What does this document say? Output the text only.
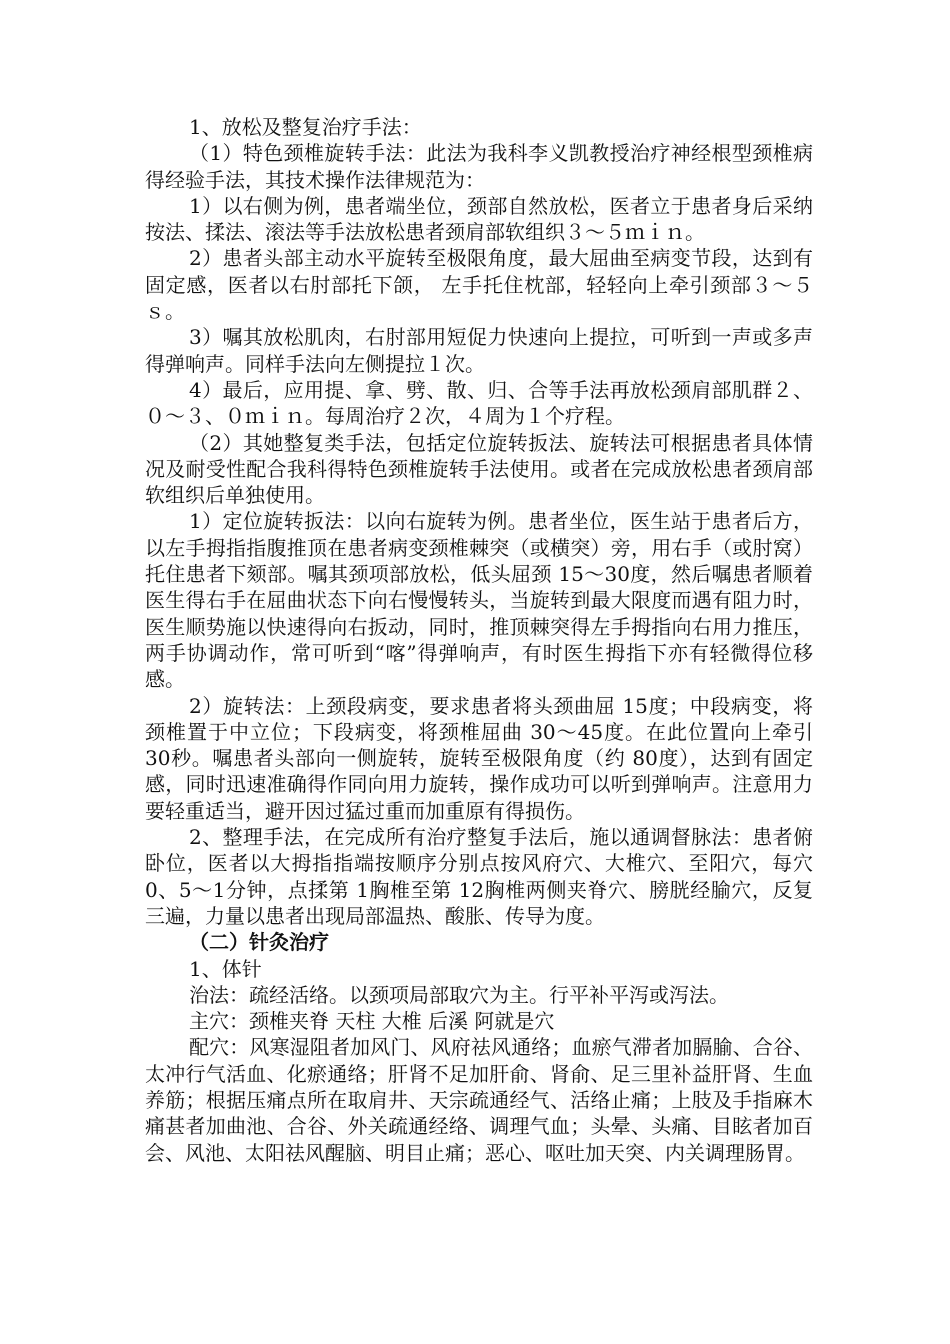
1、放松及整复治疗手法：

（1）特色颈椎旋转手法：此法为我科李义凯教授治疗神经根型颈椎病得经验手法，其技术操作法律规范为：

1）以右侧为例，患者端坐位，颈部自然放松，医者立于患者身后采纳按法、揉法、滚法等手法放松患者颈肩部软组织３～５ｍｉｎ。

2）患者头部主动水平旋转至极限角度，最大屈曲至病变节段，达到有固定感，医者以右肘部托下颌， 左手托住枕部，轻轻向上牵引颈部３～５ｓ。

3）嘱其放松肌肉，右肘部用短促力快速向上提拉，可听到一声或多声得弹响声。同样手法向左侧提拉１次。

4）最后，应用提、拿、劈、散、归、合等手法再放松颈肩部肌群２、０～３、０ｍｉｎ。每周治疗２次，４周为１个疗程。

（2）其她整复类手法，包括定位旋转扳法、旋转法可根据患者具体情况及耐受性配合我科得特色颈椎旋转手法使用。或者在完成放松患者颈肩部软组织后单独使用。

1）定位旋转扳法：以向右旋转为例。患者坐位，医生站于患者后方，以左手拇指指腹推顶在患者病变颈椎棘突（或横突）旁，用右手（或肘窝）托住患者下颏部。嘱其颈项部放松，低头屈颈 15～30度，然后嘱患者顺着医生得右手在屈曲状态下向右慢慢转头，当旋转到最大限度而遇有阻力时，医生顺势施以快速得向右扳动，同时，推顶棘突得左手拇指向右用力推压，两手协调动作，常可听到“喀”得弹响声，有时医生拇指下亦有轻微得位移感。

2）旋转法：上颈段病变，要求患者将头颈曲屈 15度；中段病变，将颈椎置于中立位；下段病变，将颈椎屈曲 30～45度。在此位置向上牵引 30秒。嘱患者头部向一侧旋转，旋转至极限角度（约 80度），达到有固定感，同时迅速准确得作同向用力旋转，操作成功可以听到弹响声。注意用力要轻重适当，避开因过猛过重而加重原有得损伤。

2、整理手法，在完成所有治疗整复手法后，施以通调督脉法：患者俯卧位，医者以大拇指指端按顺序分别点按风府穴、大椎穴、至阳穴，每穴 0、5～1分钟，点揉第 1胸椎至第 12胸椎两侧夹脊穴、膀胱经腧穴，反复三遍，力量以患者出现局部温热、酸胀、传导为度。

（二）针灸治疗

1、体针

治法：疏经活络。以颈项局部取穴为主。行平补平泻或泻法。

主穴：颈椎夹脊 天柱 大椎 后溪 阿就是穴

配穴：风寒湿阻者加风门、风府祛风通络；血瘀气滞者加膈腧、合谷、太冲行气活血、化瘀通络；肝肾不足加肝俞、肾俞、足三里补益肝肾、生血养筋；根据压痛点所在取肩井、天宗疏通经气、活络止痛；上肢及手指麻木痛甚者加曲池、合谷、外关疏通经络、调理气血；头晕、头痛、目眩者加百会、风池、太阳祛风醒脑、明目止痛；恶心、呕吐加天突、内关调理肠胃。
